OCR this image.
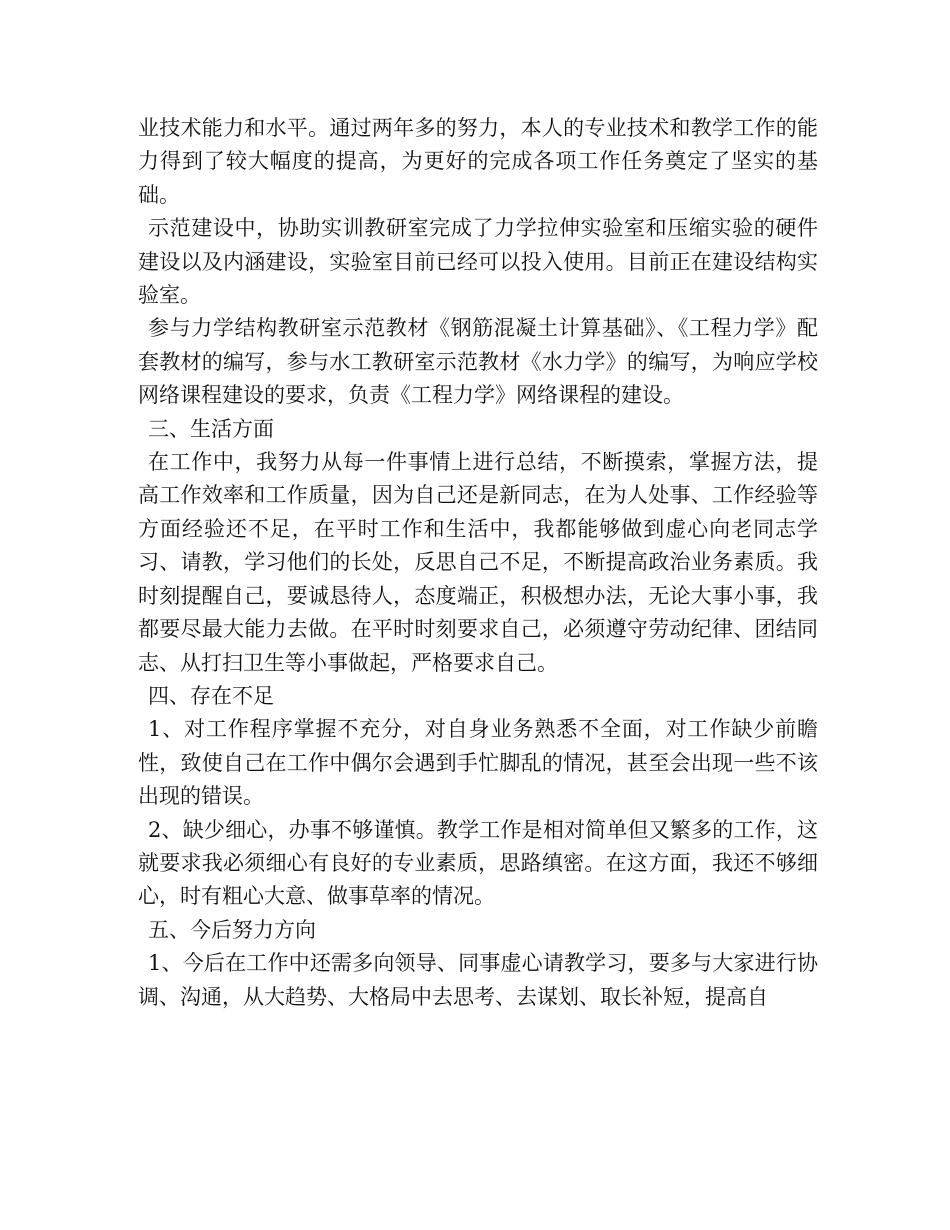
业技术能力和水平。通过两年多的努力，本人的专业技术和教学工作的能力得到了较大幅度的提高，为更好的完成各项工作任务奠定了坚实的基础。

示范建设中，协助实训教研室完成了力学拉伸实验室和压缩实验的硬件建设以及内涵建设，实验室目前已经可以投入使用。目前正在建设结构实验室。

参与力学结构教研室示范教材《钢筋混凝土计算基础》、《工程力学》配套教材的编写，参与水工教研室示范教材《水力学》的编写，为响应学校网络课程建设的要求，负责《工程力学》网络课程的建设。

三、生活方面

在工作中，我努力从每一件事情上进行总结，不断摸索，掌握方法，提高工作效率和工作质量，因为自己还是新同志，在为人处事、工作经验等方面经验还不足，在平时工作和生活中，我都能够做到虚心向老同志学习、请教，学习他们的长处，反思自己不足，不断提高政治业务素质。我时刻提醒自己，要诚恳待人，态度端正，积极想办法，无论大事小事，我都要尽最大能力去做。在平时时刻要求自己，必须遵守劳动纪律、团结同志、从打扫卫生等小事做起，严格要求自己。

四、存在不足

1、对工作程序掌握不充分，对自身业务熟悉不全面，对工作缺少前瞻性，致使自己在工作中偶尔会遇到手忙脚乱的情况，甚至会出现一些不该出现的错误。

2、缺少细心，办事不够谨慎。教学工作是相对简单但又繁多的工作，这就要求我必须细心有良好的专业素质，思路缜密。在这方面，我还不够细心，时有粗心大意、做事草率的情况。

五、今后努力方向

1、今后在工作中还需多向领导、同事虚心请教学习，要多与大家进行协调、沟通，从大趋势、大格局中去思考、去谋划、取长补短，提高自
